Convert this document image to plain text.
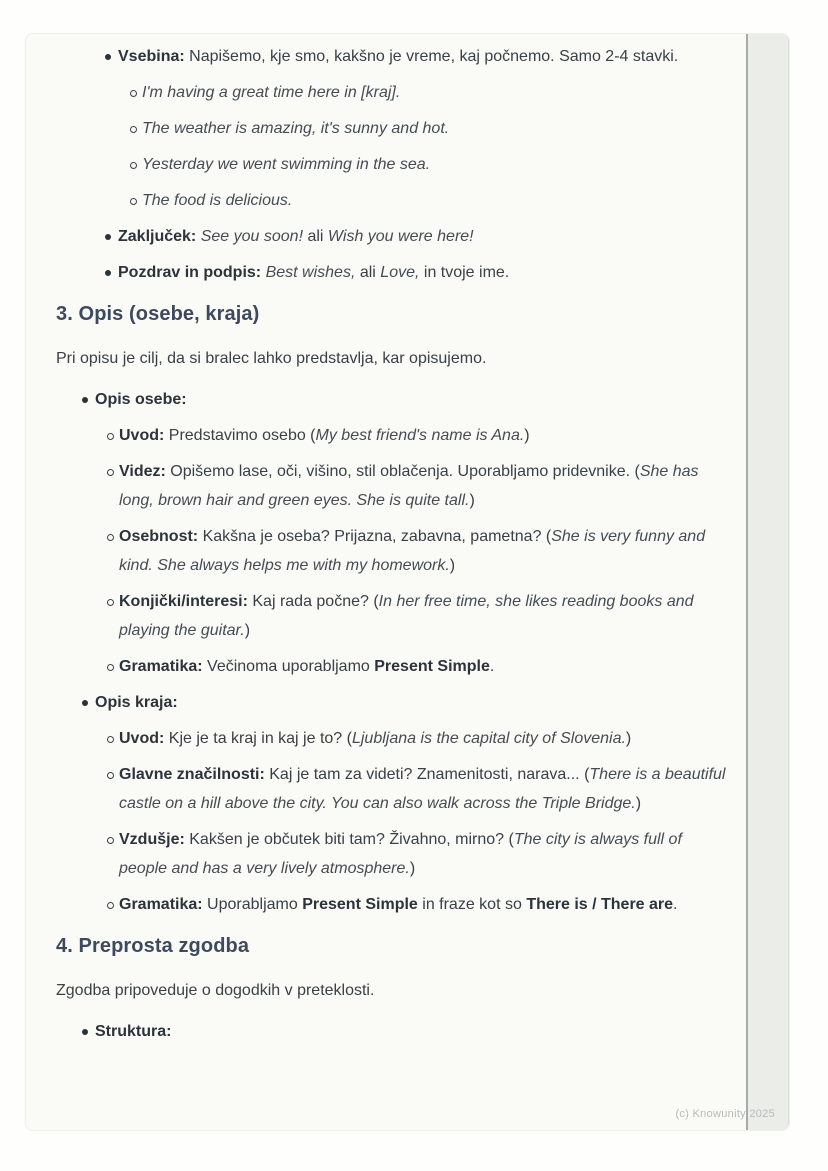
Vsebina: Napišemo, kje smo, kakšno je vreme, kaj počnemo. Samo 2-4 stavki.
I'm having a great time here in [kraj].
The weather is amazing, it's sunny and hot.
Yesterday we went swimming in the sea.
The food is delicious.
Zaključek: See you soon! ali Wish you were here!
Pozdrav in podpis: Best wishes, ali Love, in tvoje ime.
3. Opis (osebe, kraja)

Pri opisu je cilj, da si bralec lahko predstavlja, kar opisujemo.

Opis osebe:
Uvod: Predstavimo osebo (My best friend's name is Ana.)
Videz: Opišemo lase, oči, višino, stil oblačenja. Uporabljamo pridevnike. (She has long, brown hair and green eyes. She is quite tall.)
Osebnost: Kakšna je oseba? Prijazna, zabavna, pametna? (She is very funny and kind. She always helps me with my homework.)
Konjički/interesi: Kaj rada počne? (In her free time, she likes reading books and playing the guitar.)
Gramatika: Večinoma uporabljamo Present Simple.
Opis kraja:
Uvod: Kje je ta kraj in kaj je to? (Ljubljana is the capital city of Slovenia.)
Glavne značilnosti: Kaj je tam za videti? Znamenitosti, narava... (There is a beautiful castle on a hill above the city. You can also walk across the Triple Bridge.)
Vzdušje: Kakšen je občutek biti tam? Živahno, mirno? (The city is always full of people and has a very lively atmosphere.)
Gramatika: Uporabljamo Present Simple in fraze kot so There is / There are.
4. Preprosta zgodba

Zgodba pripoveduje o dogodkih v preteklosti.

Struktura:
(c) Knowunity 2025
